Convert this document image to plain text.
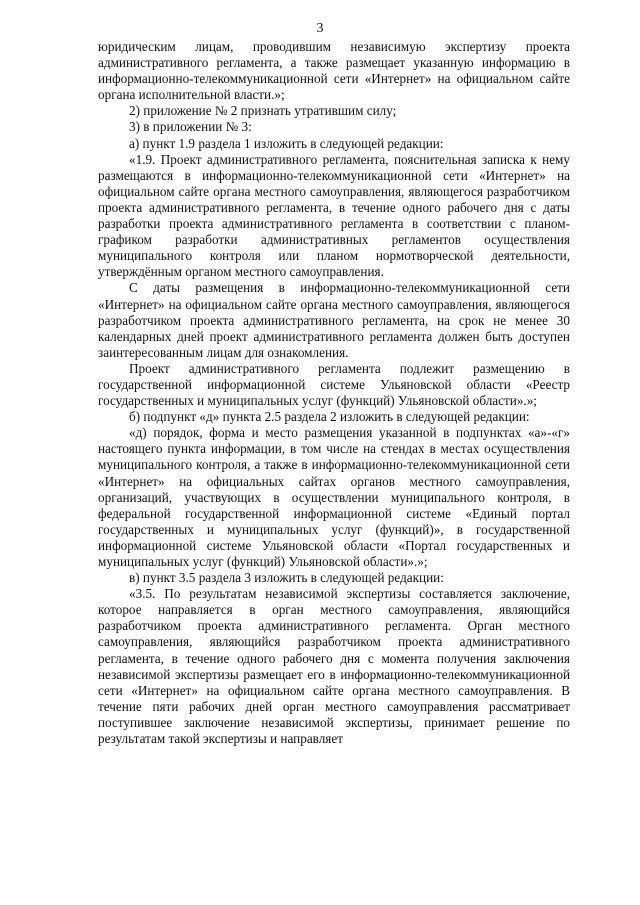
3

юридическим лицам, проводившим независимую экспертизу проекта административного регламента, а также размещает указанную информацию в информационно-телекоммуникационной сети «Интернет» на официальном сайте органа исполнительной власти.»;

2) приложение № 2 признать утратившим силу;

3) в приложении № 3:

а) пункт 1.9 раздела 1 изложить в следующей редакции:

«1.9. Проект административного регламента, пояснительная записка к нему размещаются в информационно-телекоммуникационной сети «Интернет» на официальном сайте органа местного самоуправления, являющегося разработчиком проекта административного регламента, в течение одного рабочего дня с даты разработки проекта административного регламента в соответствии с планом-графиком разработки административных регламентов осуществления муниципального контроля или планом нормотворческой деятельности, утверждённым органом местного самоуправления.

С даты размещения в информационно-телекоммуникационной сети «Интернет» на официальном сайте органа местного самоуправления, являющегося разработчиком проекта административного регламента, на срок не менее 30 календарных дней проект административного регламента должен быть доступен заинтересованным лицам для ознакомления.

Проект административного регламента подлежит размещению в государственной информационной системе Ульяновской области «Реестр государственных и муниципальных услуг (функций) Ульяновской области».»;

б) подпункт «д» пункта 2.5 раздела 2 изложить в следующей редакции:

«д) порядок, форма и место размещения указанной в подпунктах «а»-«г» настоящего пункта информации, в том числе на стендах в местах осуществления муниципального контроля, а также в информационно-телекоммуникационной сети «Интернет» на официальных сайтах органов местного самоуправления, организаций, участвующих в осуществлении муниципального контроля, в федеральной государственной информационной системе «Единый портал государственных и муниципальных услуг (функций)», в государственной информационной системе Ульяновской области «Портал государственных и муниципальных услуг (функций) Ульяновской области».»;

в) пункт 3.5 раздела 3 изложить в следующей редакции:

«3.5. По результатам независимой экспертизы составляется заключение, которое направляется в орган местного самоуправления, являющийся разработчиком проекта административного регламента. Орган местного самоуправления, являющийся разработчиком проекта административного регламента, в течение одного рабочего дня с момента получения заключения независимой экспертизы размещает его в информационно-телекоммуникационной сети «Интернет» на официальном сайте органа местного самоуправления. В течение пяти рабочих дней орган местного самоуправления рассматривает поступившее заключение независимой экспертизы, принимает решение по результатам такой экспертизы и направляет
